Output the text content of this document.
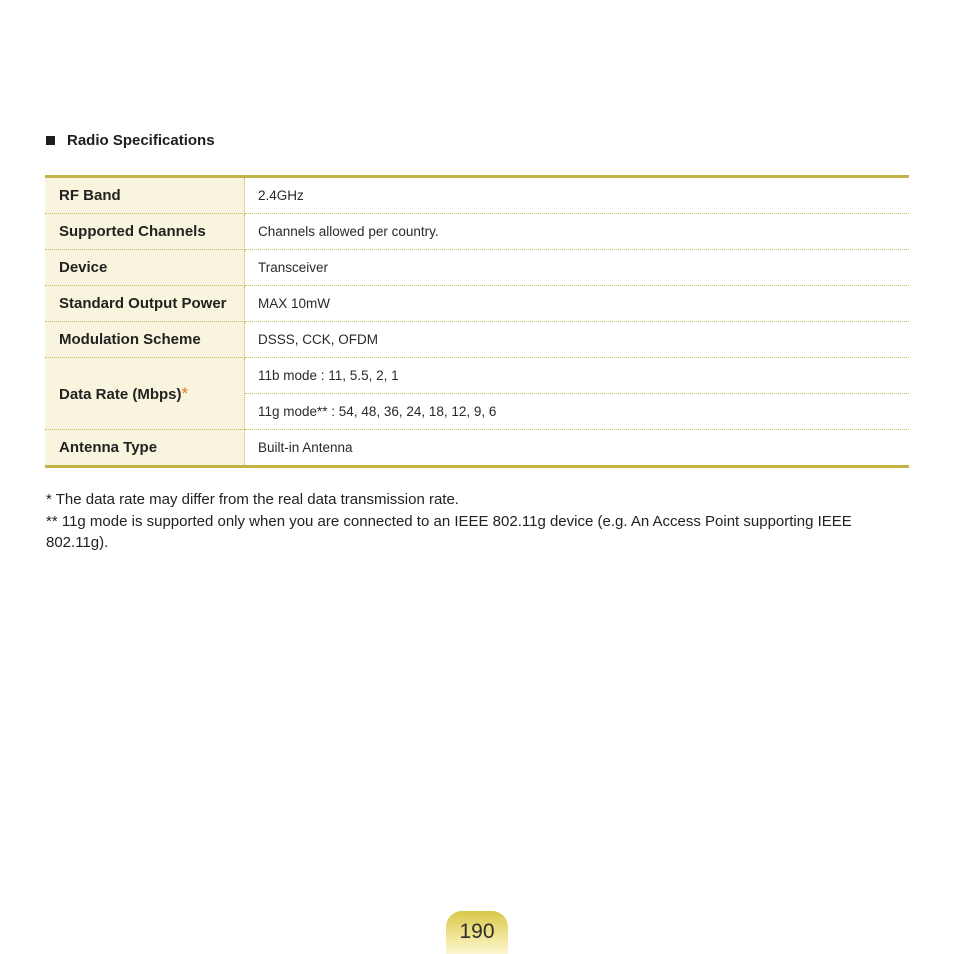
Radio Specifications
RF Band	2.4GHz
Supported Channels	Channels allowed per country.
Device	Transceiver
Standard Output Power	MAX 10mW
Modulation Scheme	DSSS, CCK, OFDM
Data Rate (Mbps)*	11b mode : 11, 5.5, 2, 1
	11g mode** : 54, 48, 36, 24, 18, 12, 9, 6
Antenna Type	Built-in Antenna

* The data rate may differ from the real data transmission rate.

** 11g mode is supported only when you are connected to an IEEE 802.11g device (e.g. An Access Point supporting IEEE 802.11g).

190
